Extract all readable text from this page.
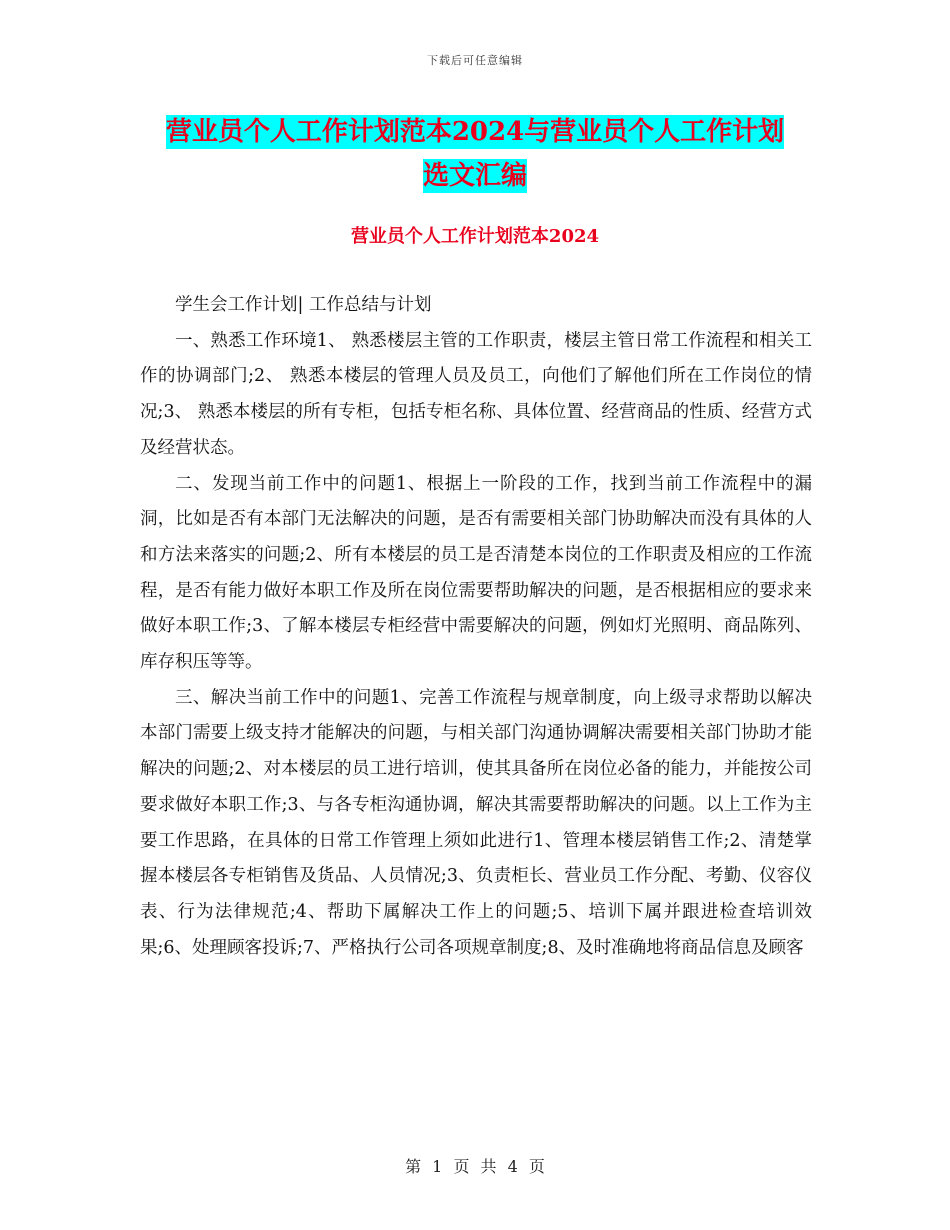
下载后可任意编辑
营业员个人工作计划范本2024与营业员个人工作计划
选文汇编
营业员个人工作计划范本2024

学生会工作计划| 工作总结与计划

一、熟悉工作环境1、 熟悉楼层主管的工作职责，楼层主管日常工作流程和相关工作的协调部门;2、 熟悉本楼层的管理人员及员工，向他们了解他们所在工作岗位的情况;3、 熟悉本楼层的所有专柜，包括专柜名称、具体位置、经营商品的性质、经营方式及经营状态。

二、发现当前工作中的问题1、根据上一阶段的工作，找到当前工作流程中的漏洞，比如是否有本部门无法解决的问题，是否有需要相关部门协助解决而没有具体的人和方法来落实的问题;2、所有本楼层的员工是否清楚本岗位的工作职责及相应的工作流程，是否有能力做好本职工作及所在岗位需要帮助解决的问题，是否根据相应的要求来做好本职工作;3、了解本楼层专柜经营中需要解决的问题，例如灯光照明、商品陈列、库存积压等等。

三、解决当前工作中的问题1、完善工作流程与规章制度，向上级寻求帮助以解决本部门需要上级支持才能解决的问题，与相关部门沟通协调解决需要相关部门协助才能解决的问题;2、对本楼层的员工进行培训，使其具备所在岗位必备的能力，并能按公司要求做好本职工作;3、与各专柜沟通协调，解决其需要帮助解决的问题。以上工作为主要工作思路，在具体的日常工作管理上须如此进行1、管理本楼层销售工作;2、清楚掌握本楼层各专柜销售及货品、人员情况;3、负责柜长、营业员工作分配、考勤、仪容仪表、行为法律规范;4、帮助下属解决工作上的问题;5、培训下属并跟进检查培训效果;6、处理顾客投诉;7、严格执行公司各项规章制度;8、及时准确地将商品信息及顾客

第 1 页 共 4 页
